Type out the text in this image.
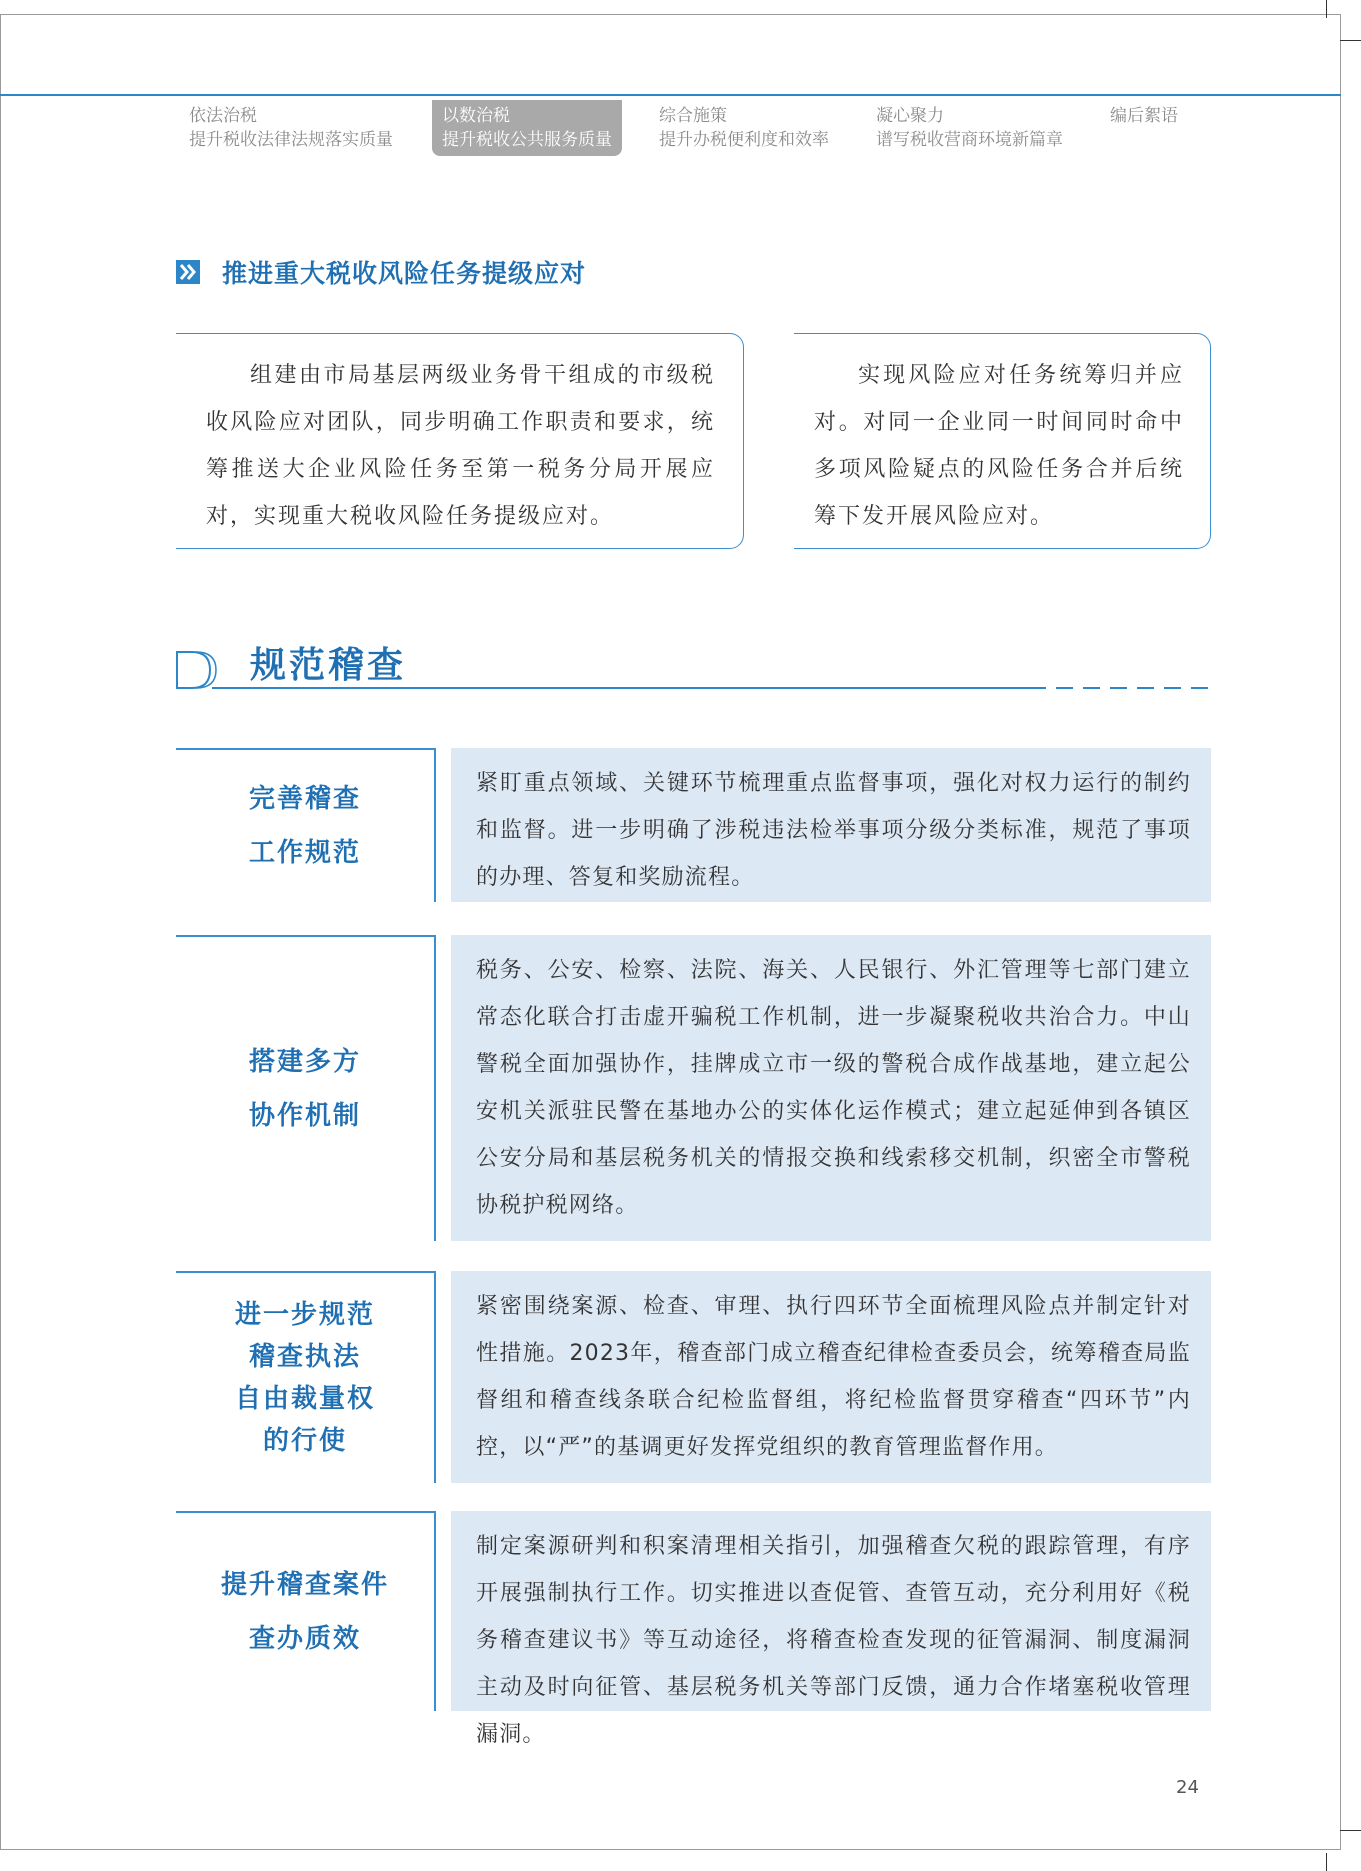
依法治税
提升税收法律法规落实质量
以数治税
提升税收公共服务质量
综合施策
提升办税便利度和效率
凝心聚力
谱写税收营商环境新篇章
编后絮语
推进重大税收风险任务提级应对

组建由市局基层两级业务骨干组成的市级税收风险应对团队，同步明确工作职责和要求，统筹推送大企业风险任务至第一税务分局开展应对，实现重大税收风险任务提级应对。

实现风险应对任务统筹归并应对。对同一企业同一时间同时命中多项风险疑点的风险任务合并后统筹下发开展风险应对。

规范稽查
完善稽查
工作规范
紧盯重点领域、关键环节梳理重点监督事项，强化对权力运行的制约和监督。进一步明确了涉税违法检举事项分级分类标准，规范了事项的办理、答复和奖励流程。
搭建多方
协作机制
税务、公安、检察、法院、海关、人民银行、外汇管理等七部门建立常态化联合打击虚开骗税工作机制，进一步凝聚税收共治合力。中山警税全面加强协作，挂牌成立市一级的警税合成作战基地，建立起公安机关派驻民警在基地办公的实体化运作模式；建立起延伸到各镇区公安分局和基层税务机关的情报交换和线索移交机制，织密全市警税协税护税网络。
进一步规范
稽查执法
自由裁量权
的行使
紧密围绕案源、检查、审理、执行四环节全面梳理风险点并制定针对性措施。2023年，稽查部门成立稽查纪律检查委员会，统筹稽查局监督组和稽查线条联合纪检监督组，将纪检监督贯穿稽查“四环节”内控，以“严”的基调更好发挥党组织的教育管理监督作用。
提升稽查案件
查办质效
制定案源研判和积案清理相关指引，加强稽查欠税的跟踪管理，有序开展强制执行工作。切实推进以查促管、查管互动，充分利用好《税务稽查建议书》等互动途径，将稽查检查发现的征管漏洞、制度漏洞主动及时向征管、基层税务机关等部门反馈，通力合作堵塞税收管理漏洞。
24
